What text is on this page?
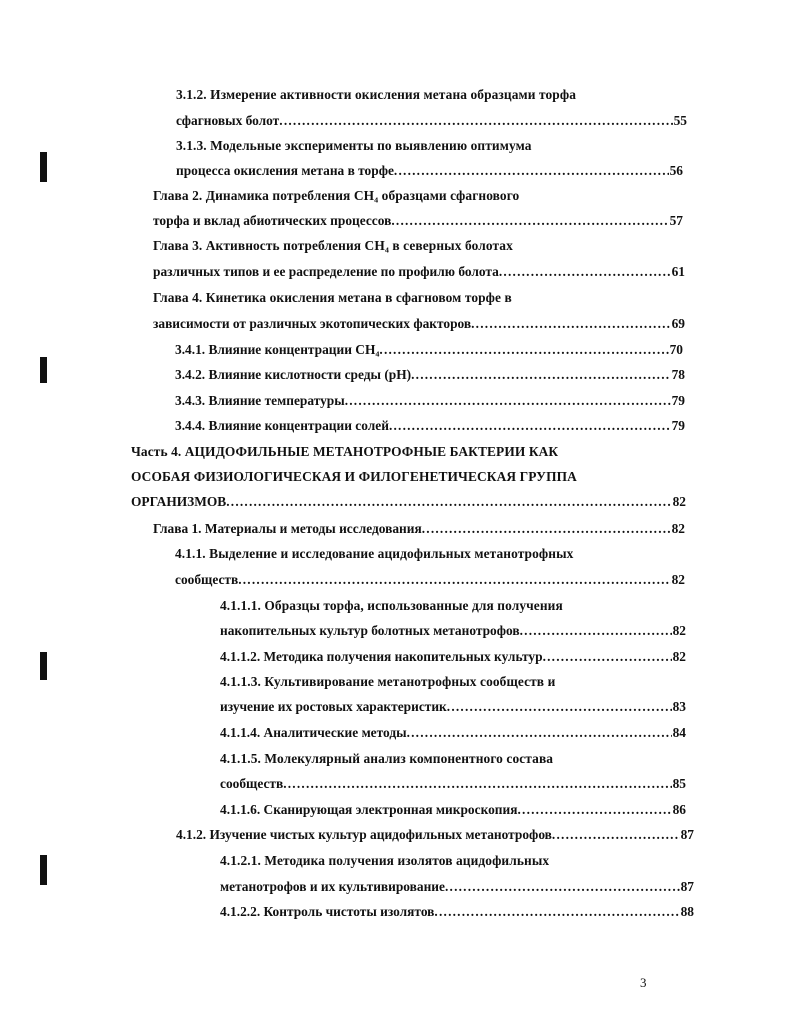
3.1.2. Измерение активности окисления метана образцами торфа
сфагновых болот .....	55
3.1.3. Модельные эксперименты по выявлению оптимума
процесса окисления метана в торфе .....	56
Глава 2. Динамика потребления CH₄ образцами сфагнового
торфа и вклад абиотических процессов .....	57
Глава 3. Активность потребления CH₄ в северных болотах
различных типов и ее распределение по профилю болота .....	61
Глава 4. Кинетика окисления метана в сфагновом торфе в
зависимости от различных экотопических факторов .....	69
3.4.1. Влияние концентрации CH₄ .....	70
3.4.2. Влияние кислотности среды (pH) .....	78
3.4.3. Влияние температуры .....	79
3.4.4. Влияние концентрации солей .....	79
Часть 4. АЦИДОФИЛЬНЫЕ МЕТАНОТРОФНЫЕ БАКТЕРИИ КАК
ОСОБАЯ ФИЗИОЛОГИЧЕСКАЯ И ФИЛОГЕНЕТИЧЕСКАЯ ГРУППА
ОРГАНИЗМОВ .....	82
Глава 1. Материалы и методы исследования .....	82
4.1.1. Выделение и исследование ацидофильных метанотрофных
сообществ .....	82
4.1.1.1. Образцы торфа, использованные для получения
накопительных культур болотных метанотрофов .....	82
4.1.1.2. Методика получения накопительных культур .....	82
4.1.1.3. Культивирование метанотрофных сообществ и
изучение их ростовых характеристик .....	83
4.1.1.4. Аналитические методы .....	84
4.1.1.5. Молекулярный анализ компонентного состава
сообществ .....	85
4.1.1.6. Сканирующая электронная микроскопия .....	86
4.1.2. Изучение чистых культур ацидофильных метанотрофов .....	87
4.1.2.1. Методика получения изолятов ацидофильных
метанотрофов и их культивирование .....	87
4.1.2.2. Контроль чистоты изолятов .....	88
3
